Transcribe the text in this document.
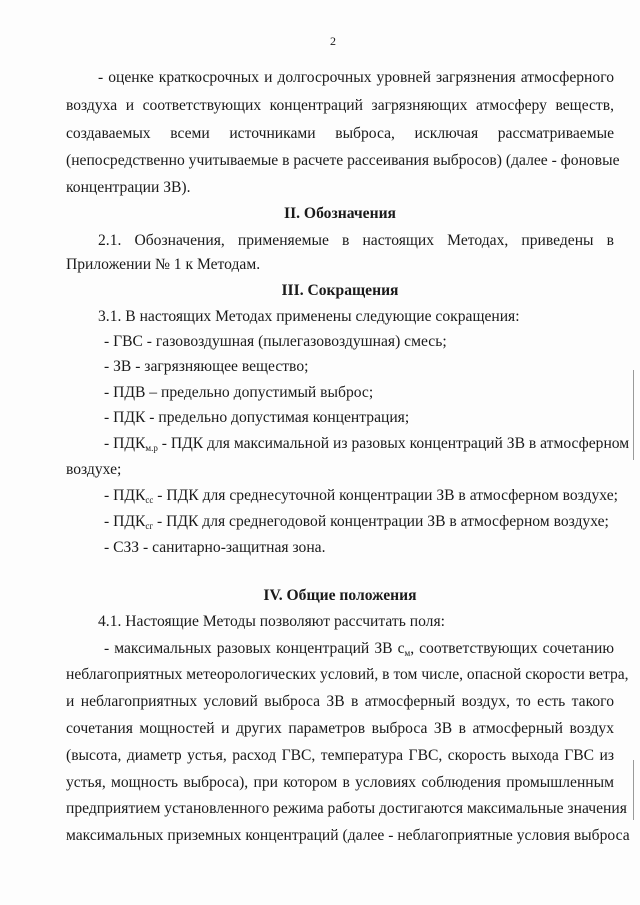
2
- оценке краткосрочных и долгосрочных уровней загрязнения атмосферного
воздуха и соответствующих концентраций загрязняющих атмосферу веществ,
создаваемых всеми источниками выброса, исключая рассматриваемые
(непосредственно учитываемые в расчете рассеивания выбросов) (далее - фоновые
концентрации ЗВ).
II. Обозначения
2.1. Обозначения, применяемые в настоящих Методах, приведены в
Приложении № 1 к Методам.
III. Сокращения
3.1. В настоящих Методах применены следующие сокращения:
- ГВС - газовоздушная (пылегазовоздушная) смесь;
- ЗВ - загрязняющее вещество;
- ПДВ – предельно допустимый выброс;
- ПДК - предельно допустимая концентрация;
- $ПДК_{м.р}$ - ПДК для максимальной из разовых концентраций ЗВ в атмосферном
воздухе;
- $ПДК_{сс}$ - ПДК для среднесуточной концентрации ЗВ в атмосферном воздухе;
- $ПДК_{сг}$ - ПДК для среднегодовой концентрации ЗВ в атмосферном воздухе;
- СЗЗ - санитарно-защитная зона.
IV. Общие положения
4.1. Настоящие Методы позволяют рассчитать поля:
- максимальных разовых концентраций ЗВ $c_м$, соответствующих сочетанию
неблагоприятных метеорологических условий, в том числе, опасной скорости ветра,
и неблагоприятных условий выброса ЗВ в атмосферный воздух, то есть такого
сочетания мощностей и других параметров выброса ЗВ в атмосферный воздух
(высота, диаметр устья, расход ГВС, температура ГВС, скорость выхода ГВС из
устья, мощность выброса), при котором в условиях соблюдения промышленным
предприятием установленного режима работы достигаются максимальные значения
максимальных приземных концентраций (далее - неблагоприятные условия выброса
